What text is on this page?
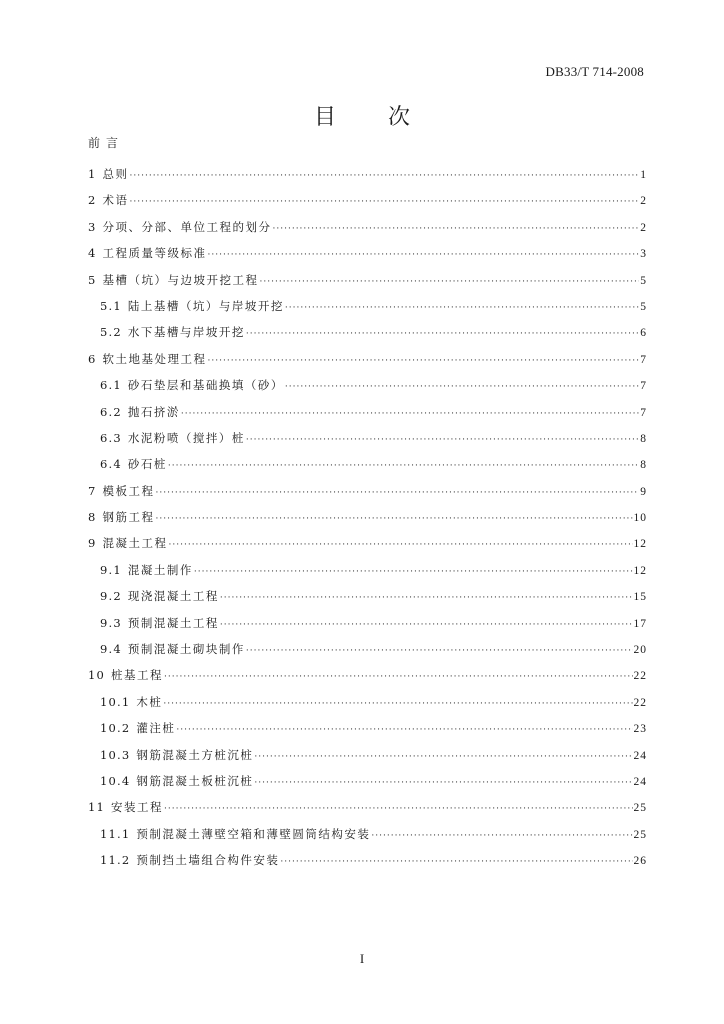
DB33/T 714-2008
目 次
前言
1 总则 ·····	1
2 术语 ·····	2
3 分项、分部、单位工程的划分 ·····	2
4 工程质量等级标准 ·····	3
5 基槽（坑）与边坡开挖工程 ·····	5
5.1 陆上基槽（坑）与岸坡开挖 ·····	5
5.2 水下基槽与岸坡开挖 ·····	6
6 软土地基处理工程 ·····	7
6.1 砂石垫层和基础换填（砂） ·····	7
6.2 抛石挤淤 ·····	7
6.3 水泥粉喷（搅拌）桩 ·····	8
6.4 砂石桩 ·····	8
7 模板工程 ·····	9
8 钢筋工程 ·····	10
9 混凝土工程 ·····	12
9.1 混凝土制作 ·····	12
9.2 现浇混凝土工程 ·····	15
9.3 预制混凝土工程 ·····	17
9.4 预制混凝土砌块制作 ·····	20
10 桩基工程 ·····	22
10.1 木桩 ·····	22
10.2 灌注桩 ·····	23
10.3 钢筋混凝土方桩沉桩 ·····	24
10.4 钢筋混凝土板桩沉桩 ·····	24
11 安装工程 ·····	25
11.1 预制混凝土薄壁空箱和薄壁圆筒结构安装 ·····	25
11.2 预制挡土墙组合构件安装 ·····	26
I
